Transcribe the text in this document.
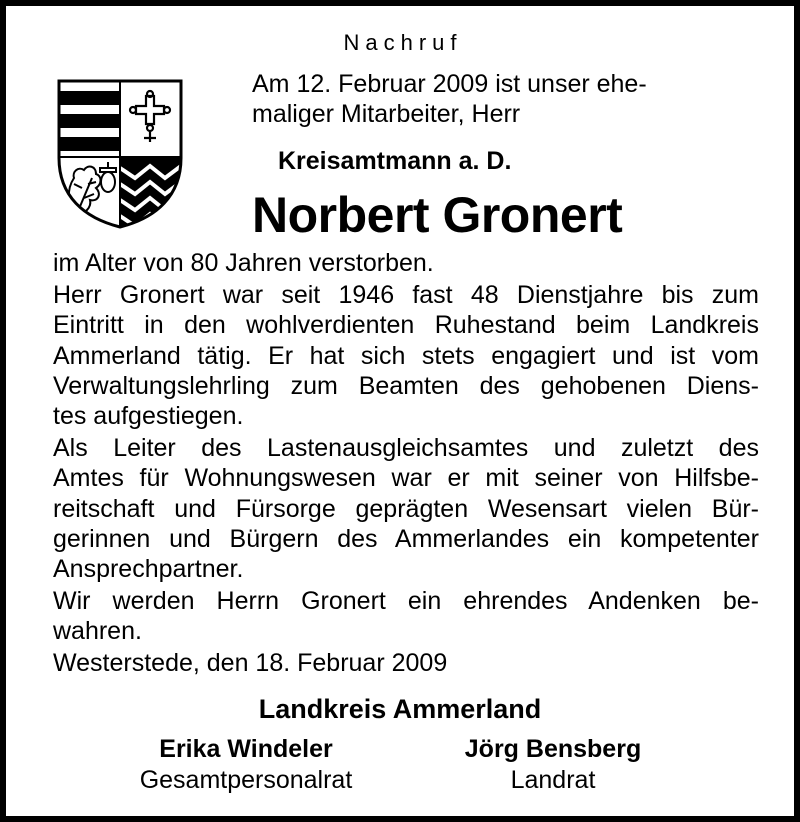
Nachruf
Am 12. Februar 2009 ist unser ehe-
maliger Mitarbeiter, Herr
Kreisamtmann a. D.
Norbert Gronert
im Alter von 80 Jahren verstorben.
Herr Gronert war seit 1946 fast 48 Dienstjahre bis zum
Eintritt in den wohlverdienten Ruhestand beim Landkreis
Ammerland tätig. Er hat sich stets engagiert und ist vom
Verwaltungslehrling zum Beamten des gehobenen Diens-
tes aufgestiegen.
Als Leiter des Lastenausgleichsamtes und zuletzt des
Amtes für Wohnungswesen war er mit seiner von Hilfsbe-
reitschaft und Fürsorge geprägten Wesensart vielen Bür-
gerinnen und Bürgern des Ammerlandes ein kompetenter
Ansprechpartner.
Wir werden Herrn Gronert ein ehrendes Andenken be-
wahren.
Westerstede, den 18. Februar 2009
Landkreis Ammerland
Erika Windeler
Gesamtpersonalrat
Jörg Bensberg
Landrat
